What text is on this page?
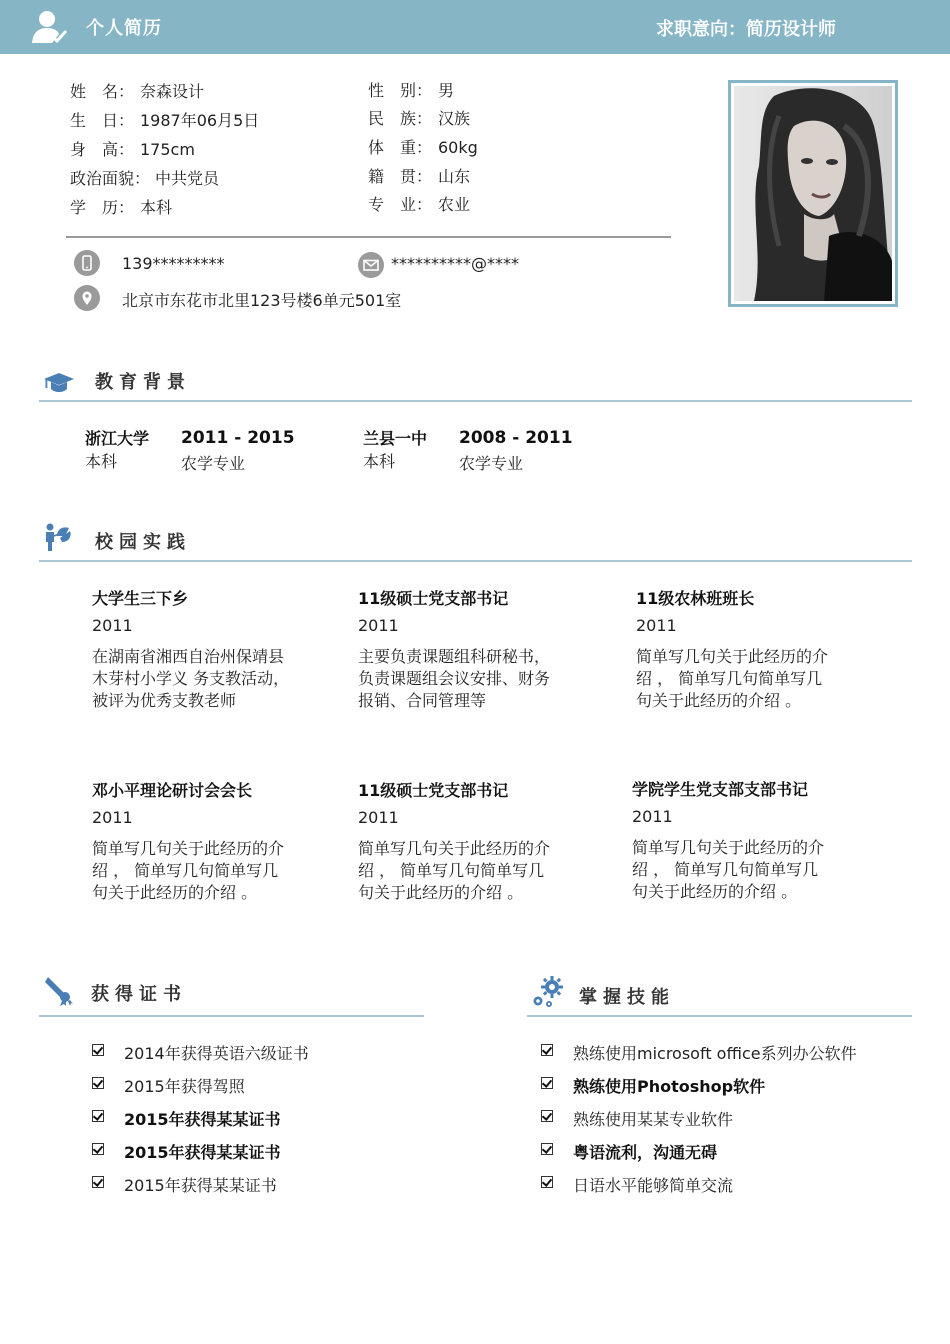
个人简历	求职意向：简历设计师
姓　名： 奈森设计
生　日： 1987年06月5日
身　高： 175cm
政治面貌： 中共党员
学　历： 本科
性　别： 男
民　族： 汉族
体　重： 60kg
籍　贯： 山东
专　业： 农业
139*********	**********@****
北京市东花市北里123号楼6单元501室
教育背景
浙江大学
本科
2011 - 2015
农学专业
兰县一中
本科
2008 - 2011
农学专业
校园实践
大学生三下乡
2011
在湖南省湘西自治州保靖县
木芽村小学义 务支教活动，
被评为优秀支教老师
11级硕士党支部书记
2011
主要负责课题组科研秘书，
负责课题组会议安排、财务
报销、合同管理等
11级农林班班长
2011
简单写几句关于此经历的介
绍 ， 简单写几句简单写几
句关于此经历的介绍 。
邓小平理论研讨会会长
2011
简单写几句关于此经历的介
绍 ， 简单写几句简单写几
句关于此经历的介绍 。
11级硕士党支部书记
2011
简单写几句关于此经历的介
绍 ， 简单写几句简单写几
句关于此经历的介绍 。
学院学生党支部支部书记
2011
简单写几句关于此经历的介
绍 ， 简单写几句简单写几
句关于此经历的介绍 。
获得证书
2014年获得英语六级证书
2015年获得驾照
2015年获得某某证书
2015年获得某某证书
2015年获得某某证书
掌握技能
熟练使用microsoft office系列办公软件
熟练使用Photoshop软件
熟练使用某某专业软件
粤语流利，沟通无碍
日语水平能够简单交流
